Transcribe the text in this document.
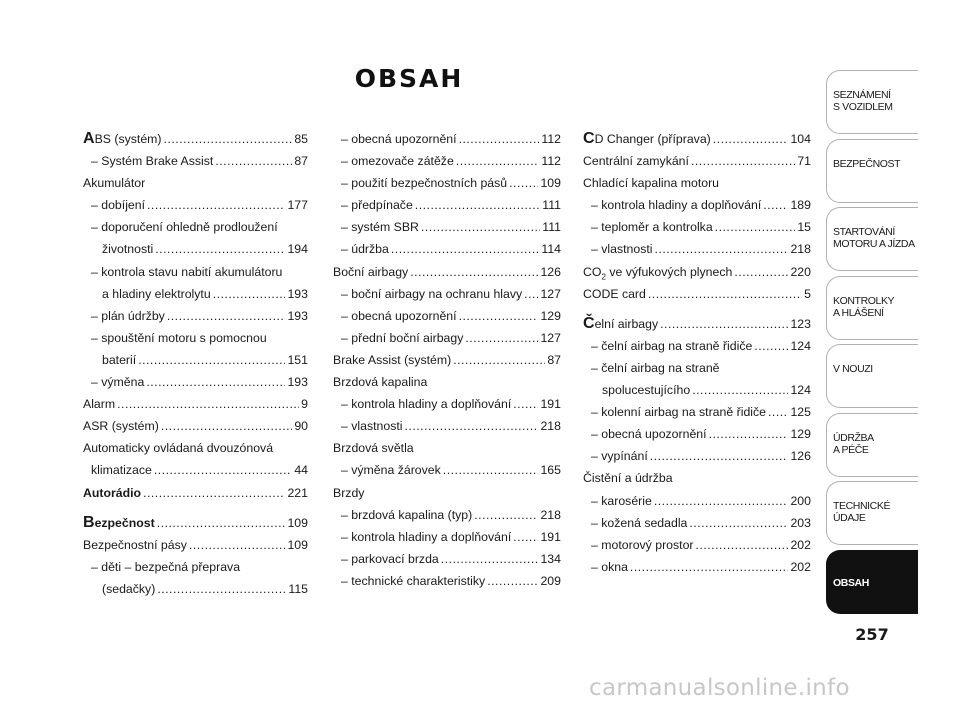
OBSAH
ABS (systém) .....	85
– Systém Brake Assist .....	87
Akumulátor
– dobíjení .....	177
– doporučení ohledně prodloužení
životnosti .....	194
– kontrola stavu nabití akumulátoru
a hladiny elektrolytu .....	193
– plán údržby .....	193
– spouštění motoru s pomocnou
baterií .....	151
– výměna .....	193
Alarm .....	9
ASR (systém) .....	90
Automaticky ovládaná dvouzónová
klimatizace .....	44
Autorádio .....	221
Bezpečnost .....	109
Bezpečnostní pásy .....	109
– děti – bezpečná přeprava
(sedačky) .....	115
– obecná upozornění .....	112
– omezovače zátěže .....	112
– použití bezpečnostních pásů .....	109
– předpínače .....	111
– systém SBR .....	111
– údržba .....	114
Boční airbagy .....	126
– boční airbagy na ochranu hlavy ..... 127
– obecná upozornění .....	129
– přední boční airbagy .....	127
Brake Assist (systém) .....	87
Brzdová kapalina
– kontrola hladiny a doplňování ..... 191
– vlastnosti .....	218
Brzdová světla
– výměna žárovek .....	165
Brzdy
– brzdová kapalina (typ) .....	218
– kontrola hladiny a doplňování ..... 191
– parkovací brzda .....	134
– technické charakteristiky .....	209
CD Changer (příprava) .....	104
Centrální zamykání .....	71
Chladící kapalina motoru
– kontrola hladiny a doplňování ..... 189
– teploměr a kontrolka .....	15
– vlastnosti .....	218
$CO_2$ ve výfukových plynech .....	220
CODE card .....	5
Čelní airbagy .....	123
– čelní airbag na straně řidiče .....	124
– čelní airbag na straně
spolucestujícího .....	124
– kolenní airbag na straně řidiče ..... 125
– obecná upozornění .....	129
– vypínání .....	126
Čistění a údržba
– karosérie .....	200
– kožená sedadla .....	203
– motorový prostor .....	202
– okna .....	202
SEZNÁMENÍ
S VOZIDLEM
BEZPEČNOST
STARTOVÁNÍ
MOTORU A JÍZDA
KONTROLKY
A HLÁŠENÍ
V NOUZI
ÚDRŽBA
A PÉČE
TECHNICKÉ
ÚDAJE
OBSAH
257
carmanualsonline.info
